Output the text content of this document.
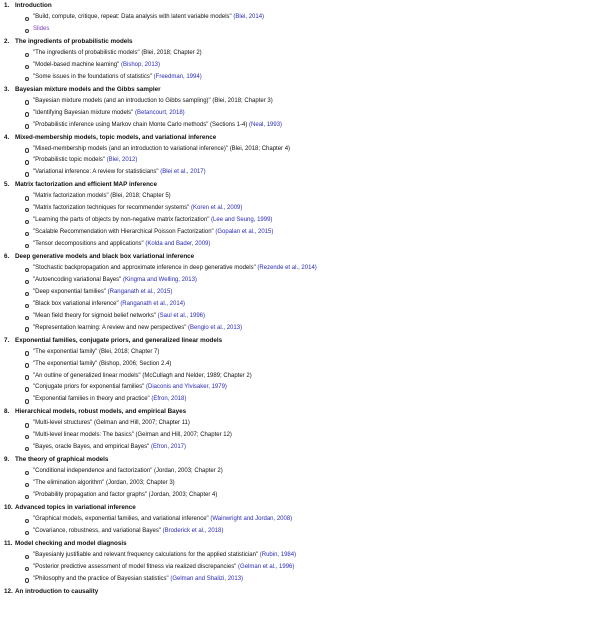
1. Introduction
"Build, compute, critique, repeat: Data analysis with latent variable models" (Blei, 2014)
Slides
2. The ingredients of probabilistic models
"The ingredients of probabilistic models" (Blei, 2018; Chapter 2)
"Model-based machine learning" (Bishop, 2013)
"Some issues in the foundations of statistics" (Freedman, 1994)
3. Bayesian mixture models and the Gibbs sampler
"Bayesian mixture models (and an introduction to Gibbs sampling)" (Blei, 2018; Chapter 3)
"Identifying Bayesian mixture models" (Betancourt, 2018)
"Probabilistic inference using Markov chain Monte Carlo methods" (Sections 1-4) (Neal, 1993)
4. Mixed-membership models, topic models, and variational inference
"Mixed-membership models (and an introduction to variational inference)" (Blei, 2018; Chapter 4)
"Probabilistic topic models" (Blei, 2012)
"Variational inference: A review for statisticians" (Blei et al., 2017)
5. Matrix factorization and efficient MAP inference
"Matrix factorization models" (Blei, 2018; Chapter 5)
"Matrix factorization techniques for recommender systems" (Koren et al., 2009)
"Learning the parts of objects by non-negative matrix factorization" (Lee and Seung, 1999)
"Scalable Recommendation with Hierarchical Poisson Factorization" (Gopalan et al., 2015)
"Tensor decompositions and applications" (Kolda and Bader, 2009)
6. Deep generative models and black box variational inference
"Stochastic backpropagation and approximate inference in deep generative models" (Rezende et al., 2014)
"Autoencoding variational Bayes" (Kingma and Welling, 2013)
"Deep exponential families" (Ranganath et al., 2015)
"Black box variational inference" (Ranganath et al., 2014)
"Mean field theory for sigmoid belief networks" (Saul et al., 1996)
"Representation learning: A review and new perspectives" (Bengio et al., 2013)
7. Exponential families, conjugate priors, and generalized linear models
"The exponential family" (Blei, 2018; Chapter 7)
"The exponential family" (Bishop, 2006; Section 2.4)
"An outline of generalized linear models" (McCullagh and Nelder, 1989; Chapter 2)
"Conjugate priors for exponential families" (Diaconis and Ylvisaker, 1979)
"Exponential families in theory and practice" (Efron, 2018)
8. Hierarchical models, robust models, and empirical Bayes
"Multi-level structures" (Gelman and Hill, 2007; Chapter 11)
"Multi-level linear models: The basics" (Gelman and Hill, 2007; Chapter 12)
"Bayes, oracle Bayes, and empirical Bayes" (Efron, 2017)
9. The theory of graphical models
"Conditional independence and factorization" (Jordan, 2003; Chapter 2)
"The elimination algorithm" (Jordan, 2003; Chapter 3)
"Probability propagation and factor graphs" (Jordan, 2003; Chapter 4)
10. Advanced topics in variational inference
"Graphical models, exponential families, and variational inference" (Wainwright and Jordan, 2008)
"Covariance, robustness, and variational Bayes" (Broderick et al., 2018)
11. Model checking and model diagnosis
"Bayesianly justifiable and relevant frequency calculations for the applied statistician" (Rubin, 1984)
"Posterior predictive assessment of model fitness via realized discrepancies" (Gelman et al., 1996)
"Philosophy and the practice of Bayesian statistics" (Gelman and Shalizi, 2013)
12. An introduction to causality
